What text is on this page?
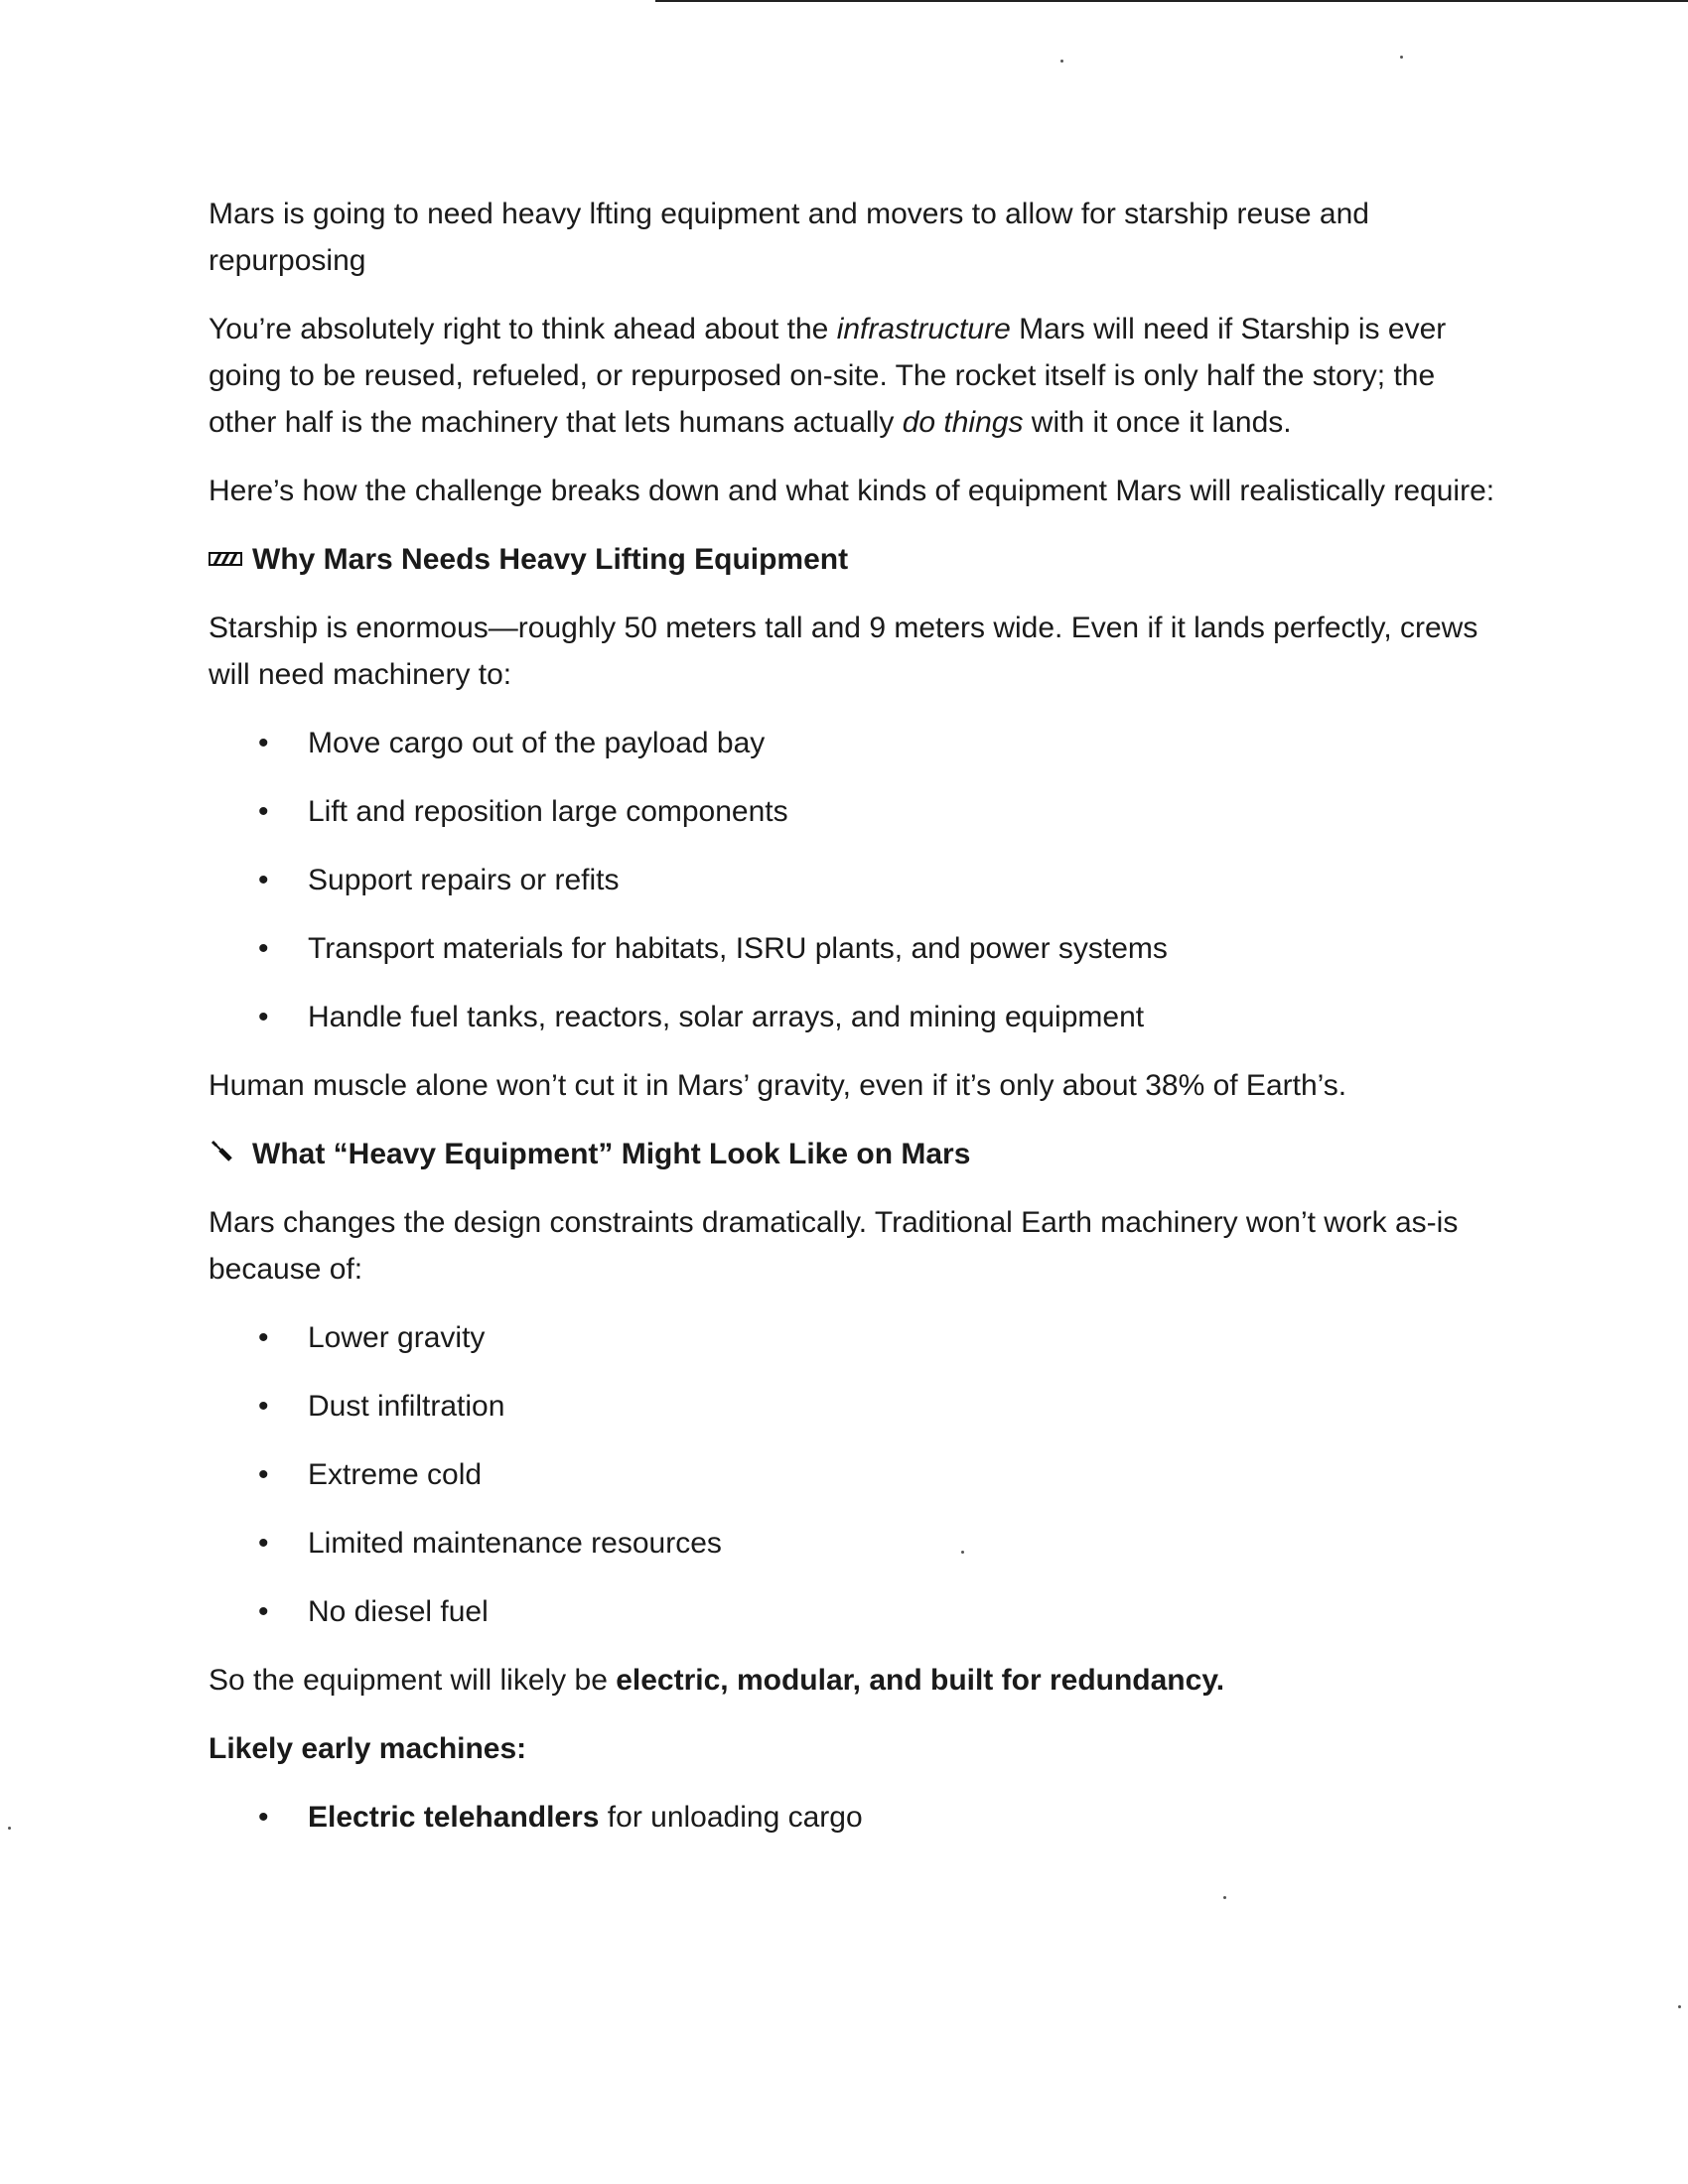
Mars is going to need heavy lfting equipment and movers to allow for starship reuse and repurposing

You’re absolutely right to think ahead about the infrastructure Mars will need if Starship is ever going to be reused, refueled, or repurposed on-site. The rocket itself is only half the story; the other half is the machinery that lets humans actually do things with it once it lands.

Here’s how the challenge breaks down and what kinds of equipment Mars will realistically require:

Why Mars Needs Heavy Lifting Equipment

Starship is enormous—roughly 50 meters tall and 9 meters wide. Even if it lands perfectly, crews will need machinery to:

• Move cargo out of the payload bay
• Lift and reposition large components
• Support repairs or refits
• Transport materials for habitats, ISRU plants, and power systems
• Handle fuel tanks, reactors, solar arrays, and mining equipment

Human muscle alone won’t cut it in Mars’ gravity, even if it’s only about 38% of Earth’s.

What “Heavy Equipment” Might Look Like on Mars

Mars changes the design constraints dramatically. Traditional Earth machinery won’t work as-is because of:

• Lower gravity
• Dust infiltration
• Extreme cold
• Limited maintenance resources
• No diesel fuel

So the equipment will likely be electric, modular, and built for redundancy.

Likely early machines:

• Electric telehandlers for unloading cargo
